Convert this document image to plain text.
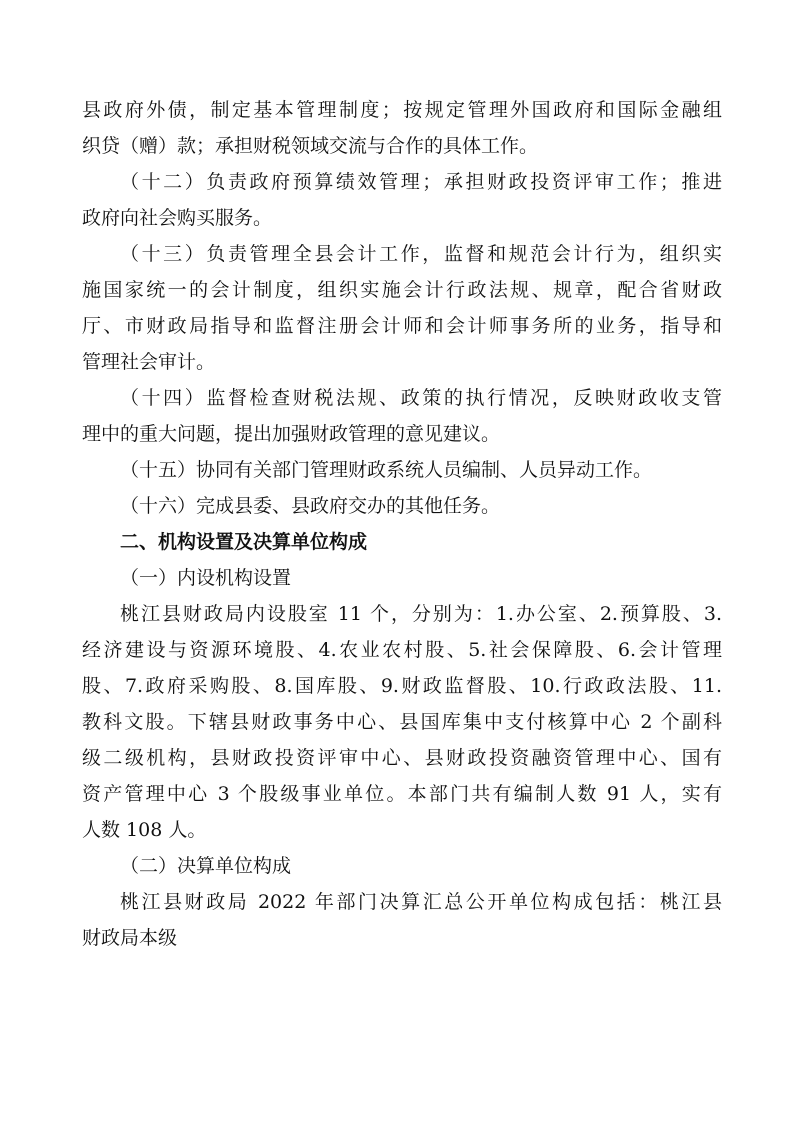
县政府外债，制定基本管理制度；按规定管理外国政府和国际金融组
织贷（赠）款；承担财税领域交流与合作的具体工作。
（十二）负责政府预算绩效管理；承担财政投资评审工作；推进
政府向社会购买服务。
（十三）负责管理全县会计工作，监督和规范会计行为，组织实
施国家统一的会计制度，组织实施会计行政法规、规章，配合省财政
厅、市财政局指导和监督注册会计师和会计师事务所的业务，指导和
管理社会审计。
（十四）监督检查财税法规、政策的执行情况，反映财政收支管
理中的重大问题，提出加强财政管理的意见建议。
（十五）协同有关部门管理财政系统人员编制、人员异动工作。
（十六）完成县委、县政府交办的其他任务。
二、机构设置及决算单位构成
（一）内设机构设置
桃江县财政局内设股室 11 个，分别为：1.办公室、2.预算股、3.
经济建设与资源环境股、4.农业农村股、5.社会保障股、6.会计管理
股、7.政府采购股、8.国库股、9.财政监督股、10.行政政法股、11.
教科文股。下辖县财政事务中心、县国库集中支付核算中心 2 个副科
级二级机构，县财政投资评审中心、县财政投资融资管理中心、国有
资产管理中心 3 个股级事业单位。本部门共有编制人数 91 人，实有
人数 108 人。
（二）决算单位构成
桃江县财政局 2022 年部门决算汇总公开单位构成包括：桃江县
财政局本级
